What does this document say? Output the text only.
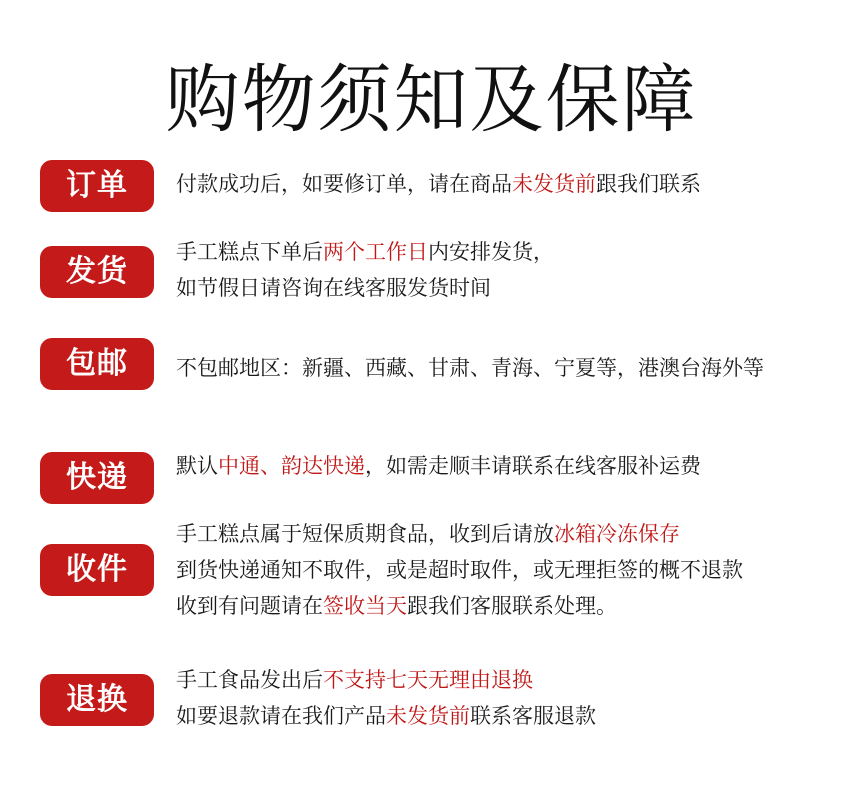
购物须知及保障
订单	付款成功后，如要修订单，请在商品未发货前跟我们联系
发货
手工糕点下单后两个工作日内安排发货，
如节假日请咨询在线客服发货时间
包邮	不包邮地区：新疆、西藏、甘肃、青海、宁夏等，港澳台海外等
快递	默认中通、韵达快递，如需走顺丰请联系在线客服补运费
收件
手工糕点属于短保质期食品，收到后请放冰箱冷冻保存
到货快递通知不取件，或是超时取件，或无理拒签的概不退款
收到有问题请在签收当天跟我们客服联系处理。
退换
手工食品发出后不支持七天无理由退换
如要退款请在我们产品未发货前联系客服退款
